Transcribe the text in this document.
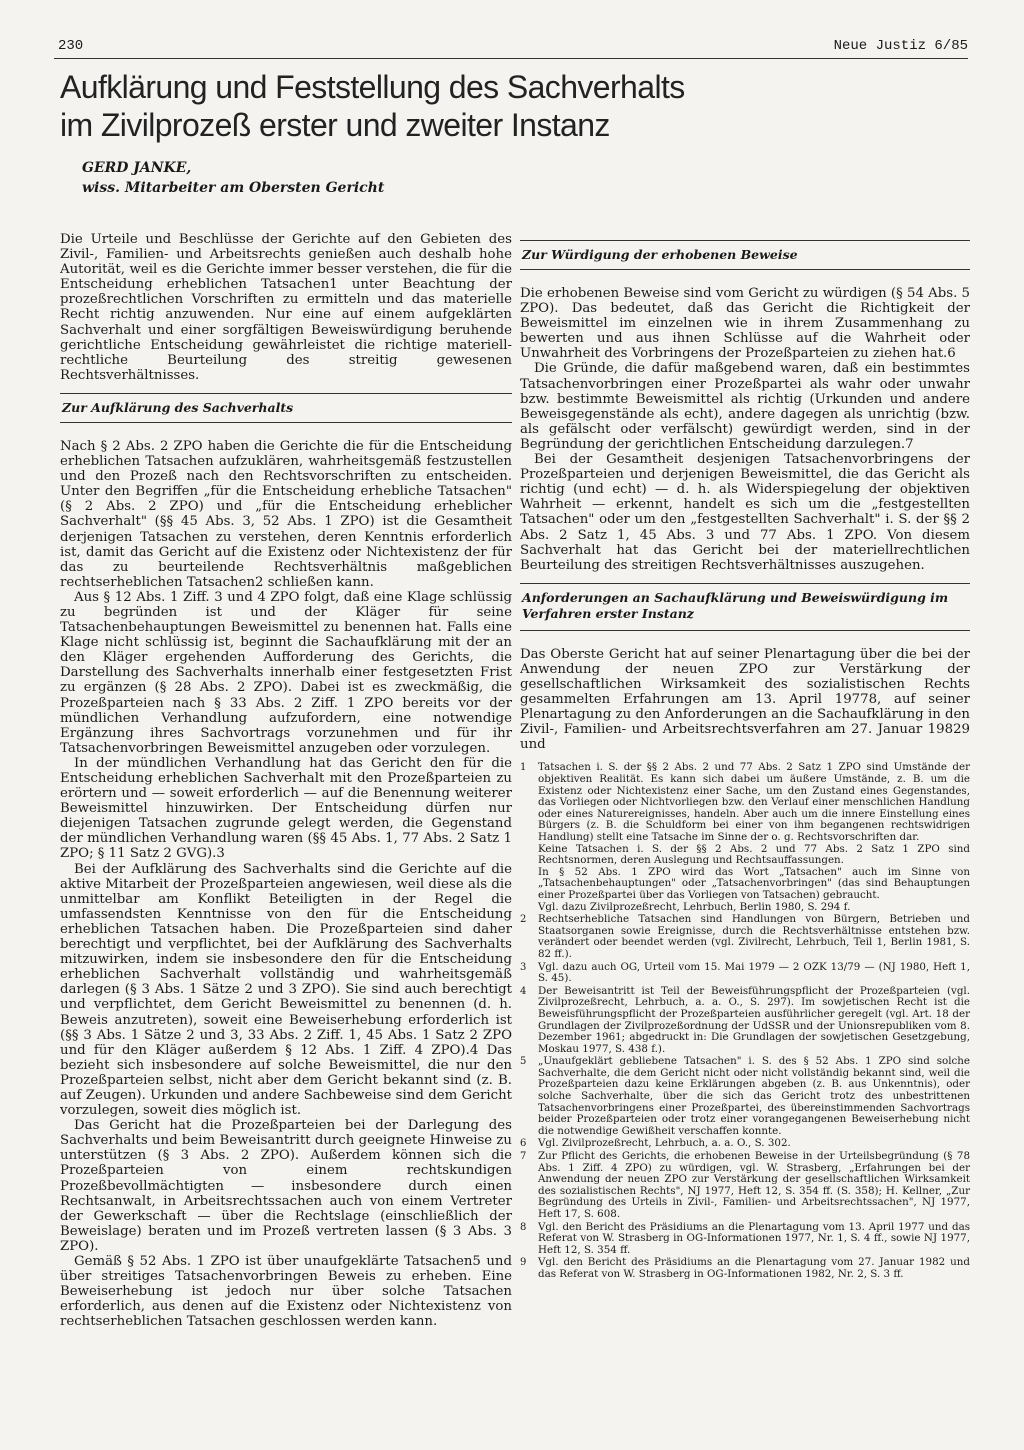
230	Neue Justiz 6/85
Aufklärung und Feststellung des Sachverhalts
im Zivilprozeß erster und zweiter Instanz
GERD JANKE,
wiss. Mitarbeiter am Obersten Gericht

Die Urteile und Beschlüsse der Gerichte auf den Gebieten des Zivil-, Familien- und Arbeitsrechts genießen auch deshalb hohe Autorität, weil es die Gerichte immer besser verstehen, die für die Entscheidung erheblichen Tatsachen1 unter Beachtung der prozeßrechtlichen Vorschriften zu ermitteln und das materielle Recht richtig anzuwenden. Nur eine auf einem aufgeklärten Sachverhalt und einer sorgfältigen Beweiswürdigung beruhende gerichtliche Entscheidung gewährleistet die richtige materiell-rechtliche Beurteilung des streitig gewesenen Rechtsverhältnisses.

Zur Aufklärung des Sachverhalts

Nach § 2 Abs. 2 ZPO haben die Gerichte die für die Entscheidung erheblichen Tatsachen aufzuklären, wahrheitsgemäß festzustellen und den Prozeß nach den Rechtsvorschriften zu entscheiden. Unter den Begriffen „für die Entscheidung erhebliche Tatsachen" (§ 2 Abs. 2 ZPO) und „für die Entscheidung erheblicher Sachverhalt" (§§ 45 Abs. 3, 52 Abs. 1 ZPO) ist die Gesamtheit derjenigen Tatsachen zu verstehen, deren Kenntnis erforderlich ist, damit das Gericht auf die Existenz oder Nichtexistenz der für das zu beurteilende Rechtsverhältnis maßgeblichen rechtserheblichen Tatsachen2 schließen kann.

Aus § 12 Abs. 1 Ziff. 3 und 4 ZPO folgt, daß eine Klage schlüssig zu begründen ist und der Kläger für seine Tatsachenbehauptungen Beweismittel zu benennen hat. Falls eine Klage nicht schlüssig ist, beginnt die Sachaufklärung mit der an den Kläger ergehenden Aufforderung des Gerichts, die Darstellung des Sachverhalts innerhalb einer festgesetzten Frist zu ergänzen (§ 28 Abs. 2 ZPO). Dabei ist es zweckmäßig, die Prozeßparteien nach § 33 Abs. 2 Ziff. 1 ZPO bereits vor der mündlichen Verhandlung aufzufordern, eine notwendige Ergänzung ihres Sachvortrags vorzunehmen und für ihr Tatsachenvorbringen Beweismittel anzugeben oder vorzulegen.

In der mündlichen Verhandlung hat das Gericht den für die Entscheidung erheblichen Sachverhalt mit den Prozeßparteien zu erörtern und — soweit erforderlich — auf die Benennung weiterer Beweismittel hinzuwirken. Der Entscheidung dürfen nur diejenigen Tatsachen zugrunde gelegt werden, die Gegenstand der mündlichen Verhandlung waren (§§ 45 Abs. 1, 77 Abs. 2 Satz 1 ZPO; § 11 Satz 2 GVG).3

Bei der Aufklärung des Sachverhalts sind die Gerichte auf die aktive Mitarbeit der Prozeßparteien angewiesen, weil diese als die unmittelbar am Konflikt Beteiligten in der Regel die umfassendsten Kenntnisse von den für die Entscheidung erheblichen Tatsachen haben. Die Prozeßparteien sind daher berechtigt und verpflichtet, bei der Aufklärung des Sachverhalts mitzuwirken, indem sie insbesondere den für die Entscheidung erheblichen Sachverhalt vollständig und wahrheitsgemäß darlegen (§ 3 Abs. 1 Sätze 2 und 3 ZPO). Sie sind auch berechtigt und verpflichtet, dem Gericht Beweismittel zu benennen (d. h. Beweis anzutreten), soweit eine Beweiserhebung erforderlich ist (§§ 3 Abs. 1 Sätze 2 und 3, 33 Abs. 2 Ziff. 1, 45 Abs. 1 Satz 2 ZPO und für den Kläger außerdem § 12 Abs. 1 Ziff. 4 ZPO).4 Das bezieht sich insbesondere auf solche Beweismittel, die nur den Prozeßparteien selbst, nicht aber dem Gericht bekannt sind (z. B. auf Zeugen). Urkunden und andere Sachbeweise sind dem Gericht vorzulegen, soweit dies möglich ist.

Das Gericht hat die Prozeßparteien bei der Darlegung des Sachverhalts und beim Beweisantritt durch geeignete Hinweise zu unterstützen (§ 3 Abs. 2 ZPO). Außerdem können sich die Prozeßparteien von einem rechtskundigen Prozeßbevollmächtigten — insbesondere durch einen Rechtsanwalt, in Arbeitsrechtssachen auch von einem Vertreter der Gewerkschaft — über die Rechtslage (einschließlich der Beweislage) beraten und im Prozeß vertreten lassen (§ 3 Abs. 3 ZPO).

Gemäß § 52 Abs. 1 ZPO ist über unaufgeklärte Tatsachen5 und über streitiges Tatsachenvorbringen Beweis zu erheben. Eine Beweiserhebung ist jedoch nur über solche Tatsachen erforderlich, aus denen auf die Existenz oder Nichtexistenz von rechtserheblichen Tatsachen geschlossen werden kann.

Zur Würdigung der erhobenen Beweise

Die erhobenen Beweise sind vom Gericht zu würdigen (§ 54 Abs. 5 ZPO). Das bedeutet, daß das Gericht die Richtigkeit der Beweismittel im einzelnen wie in ihrem Zusammenhang zu bewerten und aus ihnen Schlüsse auf die Wahrheit oder Unwahrheit des Vorbringens der Prozeßparteien zu ziehen hat.6

Die Gründe, die dafür maßgebend waren, daß ein bestimmtes Tatsachenvorbringen einer Prozeßpartei als wahr oder unwahr bzw. bestimmte Beweismittel als richtig (Urkunden und andere Beweisgegenstände als echt), andere dagegen als unrichtig (bzw. als gefälscht oder verfälscht) gewürdigt werden, sind in der Begründung der gerichtlichen Entscheidung darzulegen.7

Bei der Gesamtheit desjenigen Tatsachenvorbringens der Prozeßparteien und derjenigen Beweismittel, die das Gericht als richtig (und echt) — d. h. als Widerspiegelung der objektiven Wahrheit — erkennt, handelt es sich um die „festgestellten Tatsachen" oder um den „festgestellten Sachverhalt" i. S. der §§ 2 Abs. 2 Satz 1, 45 Abs. 3 und 77 Abs. 1 ZPO. Von diesem Sachverhalt hat das Gericht bei der materiellrechtlichen Beurteilung des streitigen Rechtsverhältnisses auszugehen.

Anforderungen an Sachaufklärung und Beweiswürdigung im Verfahren erster Instanz

Das Oberste Gericht hat auf seiner Plenartagung über die bei der Anwendung der neuen ZPO zur Verstärkung der gesellschaftlichen Wirksamkeit des sozialistischen Rechts gesammelten Erfahrungen am 13. April 19778, auf seiner Plenartagung zu den Anforderungen an die Sachaufklärung in den Zivil-, Familien- und Arbeitsrechtsverfahren am 27. Januar 19829 und

1	Tatsachen i. S. der §§ 2 Abs. 2 und 77 Abs. 2 Satz 1 ZPO sind Umstände der objektiven Realität. Es kann sich dabei um äußere Umstände, z. B. um die Existenz oder Nichtexistenz einer Sache, um den Zustand eines Gegenstandes, das Vorliegen oder Nichtvorliegen bzw. den Verlauf einer menschlichen Handlung oder eines Naturereignisses, handeln. Aber auch um die innere Einstellung eines Bürgers (z. B. die Schuldform bei einer von ihm begangenen rechtswidrigen Handlung) stellt eine Tatsache im Sinne der o. g. Rechtsvorschriften dar.
Keine Tatsachen i. S. der §§ 2 Abs. 2 und 77 Abs. 2 Satz 1 ZPO sind Rechtsnormen, deren Auslegung und Rechtsauffassungen.
In § 52 Abs. 1 ZPO wird das Wort „Tatsachen" auch im Sinne von „Tatsachenbehauptungen" oder „Tatsachenvorbringen" (das sind Behauptungen einer Prozeßpartei über das Vorliegen von Tatsachen) gebraucht.
Vgl. dazu Zivilprozeßrecht, Lehrbuch, Berlin 1980, S. 294 f.
2	Rechtserhebliche Tatsachen sind Handlungen von Bürgern, Betrieben und Staatsorganen sowie Ereignisse, durch die Rechtsverhältnisse entstehen bzw. verändert oder beendet werden (vgl. Zivilrecht, Lehrbuch, Teil 1, Berlin 1981, S. 82 ff.).
3	Vgl. dazu auch OG, Urteil vom 15. Mai 1979 — 2 OZK 13/79 — (NJ 1980, Heft 1, S. 45).
4	Der Beweisantritt ist Teil der Beweisführungspflicht der Prozeßparteien (vgl. Zivilprozeßrecht, Lehrbuch, a. a. O., S. 297). Im sowjetischen Recht ist die Beweisführungspflicht der Prozeßparteien ausführlicher geregelt (vgl. Art. 18 der Grundlagen der Zivilprozeßordnung der UdSSR und der Unionsrepubliken vom 8. Dezember 1961; abgedruckt in: Die Grundlagen der sowjetischen Gesetzgebung, Moskau 1977, S. 438 f.).
5	„Unaufgeklärt gebliebene Tatsachen" i. S. des § 52 Abs. 1 ZPO sind solche Sachverhalte, die dem Gericht nicht oder nicht vollständig bekannt sind, weil die Prozeßparteien dazu keine Erklärungen abgeben (z. B. aus Unkenntnis), oder solche Sachverhalte, über die sich das Gericht trotz des unbestrittenen Tatsachenvorbringens einer Prozeßpartei, des übereinstimmenden Sachvortrags beider Prozeßparteien oder trotz einer vorangegangenen Beweiserhebung nicht die notwendige Gewißheit verschaffen konnte.
6	Vgl. Zivilprozeßrecht, Lehrbuch, a. a. O., S. 302.
7	Zur Pflicht des Gerichts, die erhobenen Beweise in der Urteilsbegründung (§ 78 Abs. 1 Ziff. 4 ZPO) zu würdigen, vgl. W. Strasberg, „Erfahrungen bei der Anwendung der neuen ZPO zur Verstärkung der gesellschaftlichen Wirksamkeit des sozialistischen Rechts", NJ 1977, Heft 12, S. 354 ff. (S. 358); H. Kellner, „Zur Begründung des Urteils in Zivil-, Familien- und Arbeitsrechtssachen", NJ 1977, Heft 17, S. 608.
8	Vgl. den Bericht des Präsidiums an die Plenartagung vom 13. April 1977 und das Referat von W. Strasberg in OG-Informationen 1977, Nr. 1, S. 4 ff., sowie NJ 1977, Heft 12, S. 354 ff.
9	Vgl. den Bericht des Präsidiums an die Plenartagung vom 27. Januar 1982 und das Referat von W. Strasberg in OG-Informationen 1982, Nr. 2, S. 3 ff.
